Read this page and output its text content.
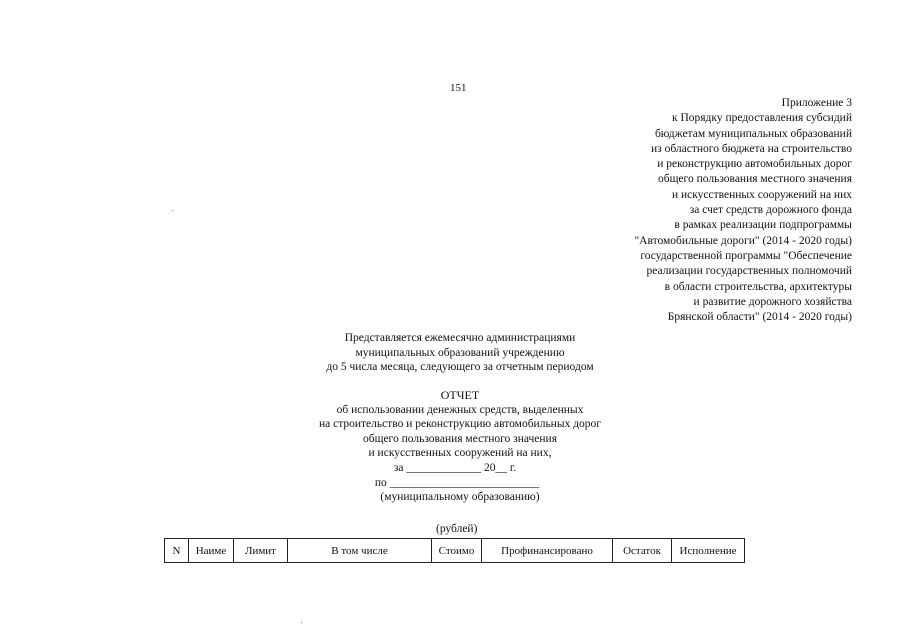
151
Приложение 3
к Порядку предоставления субсидий
бюджетам муниципальных образований
из областного бюджета на строительство
и реконструкцию автомобильных дорог
общего пользования местного значения
и искусственных сооружений на них
за счет средств дорожного фонда
в рамках реализации подпрограммы
"Автомобильные дороги" (2014 - 2020 годы)
государственной программы "Обеспечение
реализации государственных полномочий
в области строительства, архитектуры
и развитие дорожного хозяйства
Брянской области" (2014 - 2020 годы)
Представляется ежемесячно администрациями
муниципальных образований учреждению
до 5 числа месяца, следующего за отчетным периодом
ОТЧЕТ
об использовании денежных средств, выделенных
на строительство и реконструкцию автомобильных дорог
общего пользования местного значения
и искусственных сооружений на них,
за _____________ 20__ г.
по __________________________
(муниципальному образованию)
(рублей)
N	Наиме	Лимит	В том числе	Стоимо	Профинансировано	Остаток	Исполнение
